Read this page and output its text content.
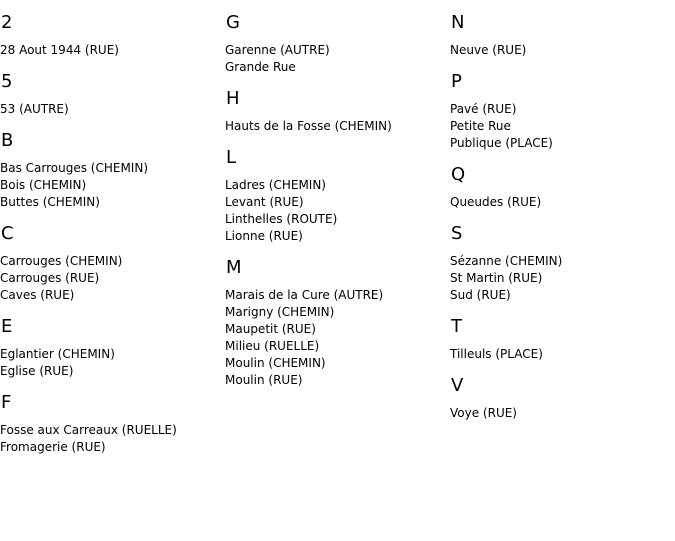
2
28 Aout 1944 (RUE)
5
53 (AUTRE)
B
Bas Carrouges (CHEMIN)
Bois (CHEMIN)
Buttes (CHEMIN)
C
Carrouges (CHEMIN)
Carrouges (RUE)
Caves (RUE)
E
Eglantier (CHEMIN)
Eglise (RUE)
F
Fosse aux Carreaux (RUELLE)
Fromagerie (RUE)
G
Garenne (AUTRE)
Grande Rue
H
Hauts de la Fosse (CHEMIN)
L
Ladres (CHEMIN)
Levant (RUE)
Linthelles (ROUTE)
Lionne (RUE)
M
Marais de la Cure (AUTRE)
Marigny (CHEMIN)
Maupetit (RUE)
Milieu (RUELLE)
Moulin (CHEMIN)
Moulin (RUE)
N
Neuve (RUE)
P
Pavé (RUE)
Petite Rue
Publique (PLACE)
Q
Queudes (RUE)
S
Sézanne (CHEMIN)
St Martin (RUE)
Sud (RUE)
T
Tilleuls (PLACE)
V
Voye (RUE)
